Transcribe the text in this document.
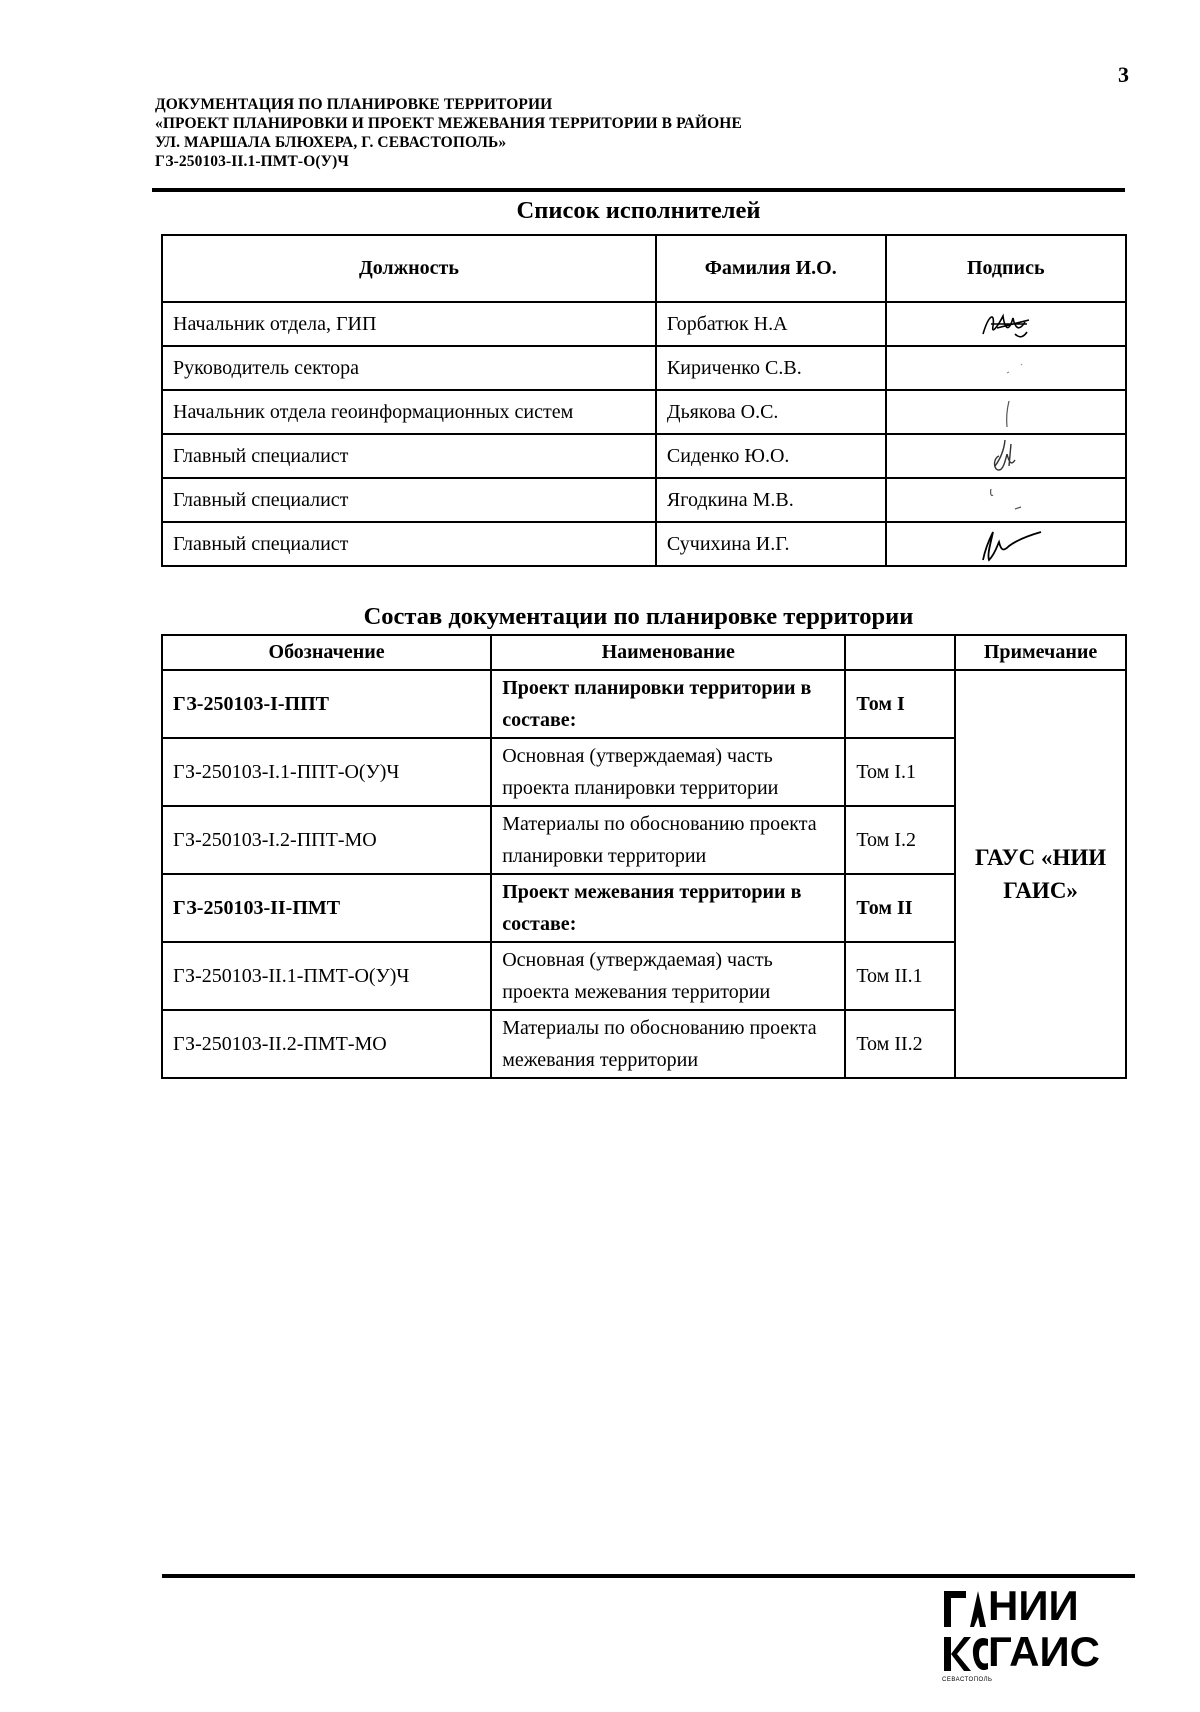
3
ДОКУМЕНТАЦИЯ ПО ПЛАНИРОВКЕ ТЕРРИТОРИИ
«ПРОЕКТ ПЛАНИРОВКИ И ПРОЕКТ МЕЖЕВАНИЯ ТЕРРИТОРИИ В РАЙОНЕ
УЛ. МАРШАЛА БЛЮХЕРА, Г. СЕВАСТОПОЛЬ»
ГЗ-250103-II.1-ПМТ-О(У)Ч
Список исполнителей
Должность	Фамилия И.О.	Подпись
Начальник отдела, ГИП	Горбатюк Н.А	

Руководитель сектора	Кириченко С.В.	

Начальник отдела геоинформационных систем	Дьякова О.С.	

Главный специалист	Сиденко Ю.О.	

Главный специалист	Ягодкина М.В.	

Главный специалист	Сучихина И.Г.	
Состав документации по планировке территории
Обозначение	Наименование		Примечание
ГЗ-250103-I-ППТ	Проект планировки территории в составе:	Том I	ГАУС «НИИ ГАИС»
ГЗ-250103-I.1-ППТ-О(У)Ч	Основная (утверждаемая) часть проекта планировки территории	Том I.1	
ГЗ-250103-I.2-ППТ-МО	Материалы по обоснованию проекта планировки территории	Том I.2	
ГЗ-250103-II-ПМТ	Проект межевания территории в составе:	Том II	
ГЗ-250103-II.1-ПМТ-О(У)Ч	Основная (утверждаемая) часть проекта межевания территории	Том II.1	
ГЗ-250103-II.2-ПМТ-МО	Материалы по обоснованию проекта межевания территории	Том II.2	
НИИ
ГАИС
СЕВАСТОПОЛЬ
